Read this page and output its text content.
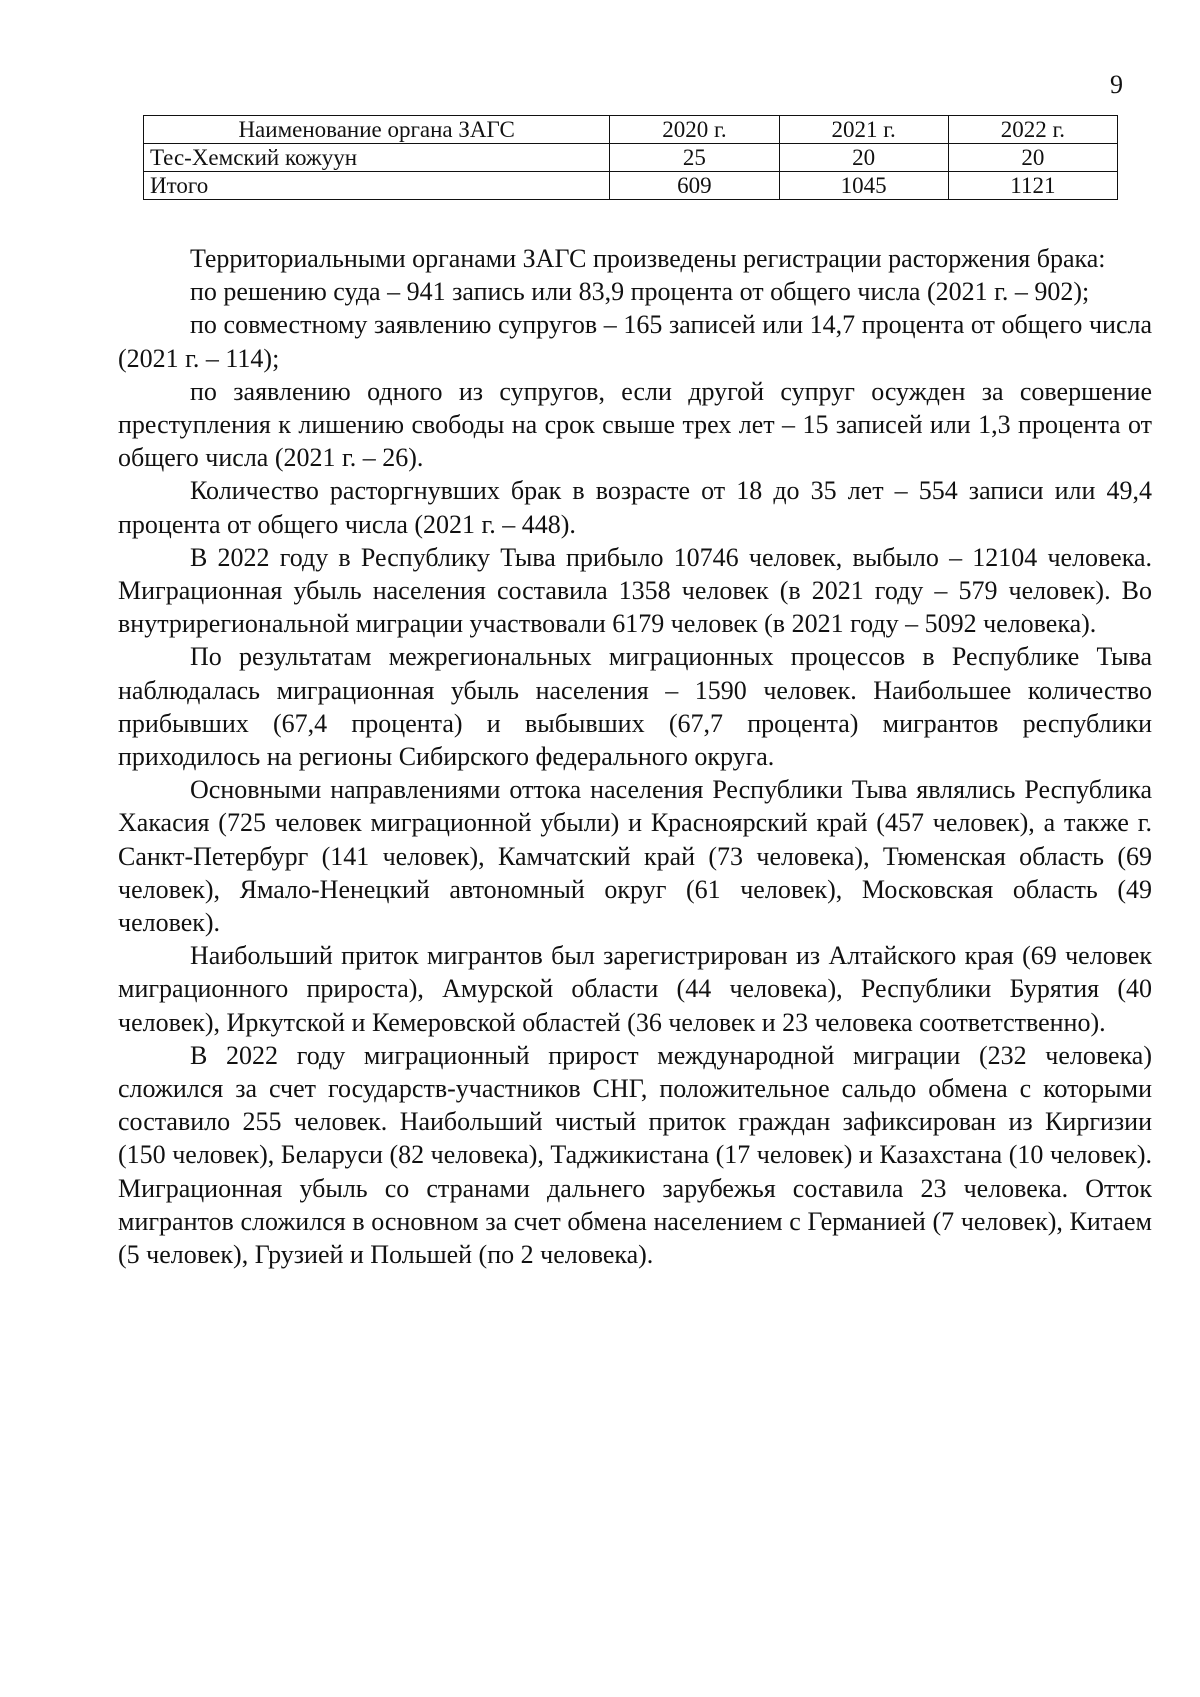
9
Наименование органа ЗАГС	2020 г.	2021 г.	2022 г.
Тес-Хемский кожуун	25	20	20
Итого	609	1045	1121

Территориальными органами ЗАГС произведены регистрации расторжения брака:

по решению суда – 941 запись или 83,9 процента от общего числа (2021 г. – 902);

по совместному заявлению супругов – 165 записей или 14,7 процента от общего числа (2021 г. – 114);

по заявлению одного из супругов, если другой супруг осужден за совершение преступления к лишению свободы на срок свыше трех лет – 15 записей или 1,3 процента от общего числа (2021 г. – 26).

Количество расторгнувших брак в возрасте от 18 до 35 лет – 554 записи или 49,4 процента от общего числа (2021 г. – 448).

В 2022 году в Республику Тыва прибыло 10746 человек, выбыло – 12104 человека. Миграционная убыль населения составила 1358 человек (в 2021 году – 579 человек). Во внутрирегиональной миграции участвовали 6179 человек (в 2021 году – 5092 человека).

По результатам межрегиональных миграционных процессов в Республике Тыва наблюдалась миграционная убыль населения – 1590 человек. Наибольшее количество прибывших (67,4 процента) и выбывших (67,7 процента) мигрантов республики приходилось на регионы Сибирского федерального округа.

Основными направлениями оттока населения Республики Тыва являлись Республика Хакасия (725 человек миграционной убыли) и Красноярский край (457 человек), а также г. Санкт-Петербург (141 человек), Камчатский край (73 человека), Тюменская область (69 человек), Ямало-Ненецкий автономный округ (61 человек), Московская область (49 человек).

Наибольший приток мигрантов был зарегистрирован из Алтайского края (69 человек миграционного прироста), Амурской области (44 человека), Республики Бурятия (40 человек), Иркутской и Кемеровской областей (36 человек и 23 человека соответственно).

В 2022 году миграционный прирост международной миграции (232 человека) сложился за счет государств-участников СНГ, положительное сальдо обмена с которыми составило 255 человек. Наибольший чистый приток граждан зафиксирован из Киргизии (150 человек), Беларуси (82 человека), Таджикистана (17 человек) и Казахстана (10 человек). Миграционная убыль со странами дальнего зарубежья составила 23 человека. Отток мигрантов сложился в основном за счет обмена населением с Германией (7 человек), Китаем (5 человек), Грузией и Польшей (по 2 человека).
